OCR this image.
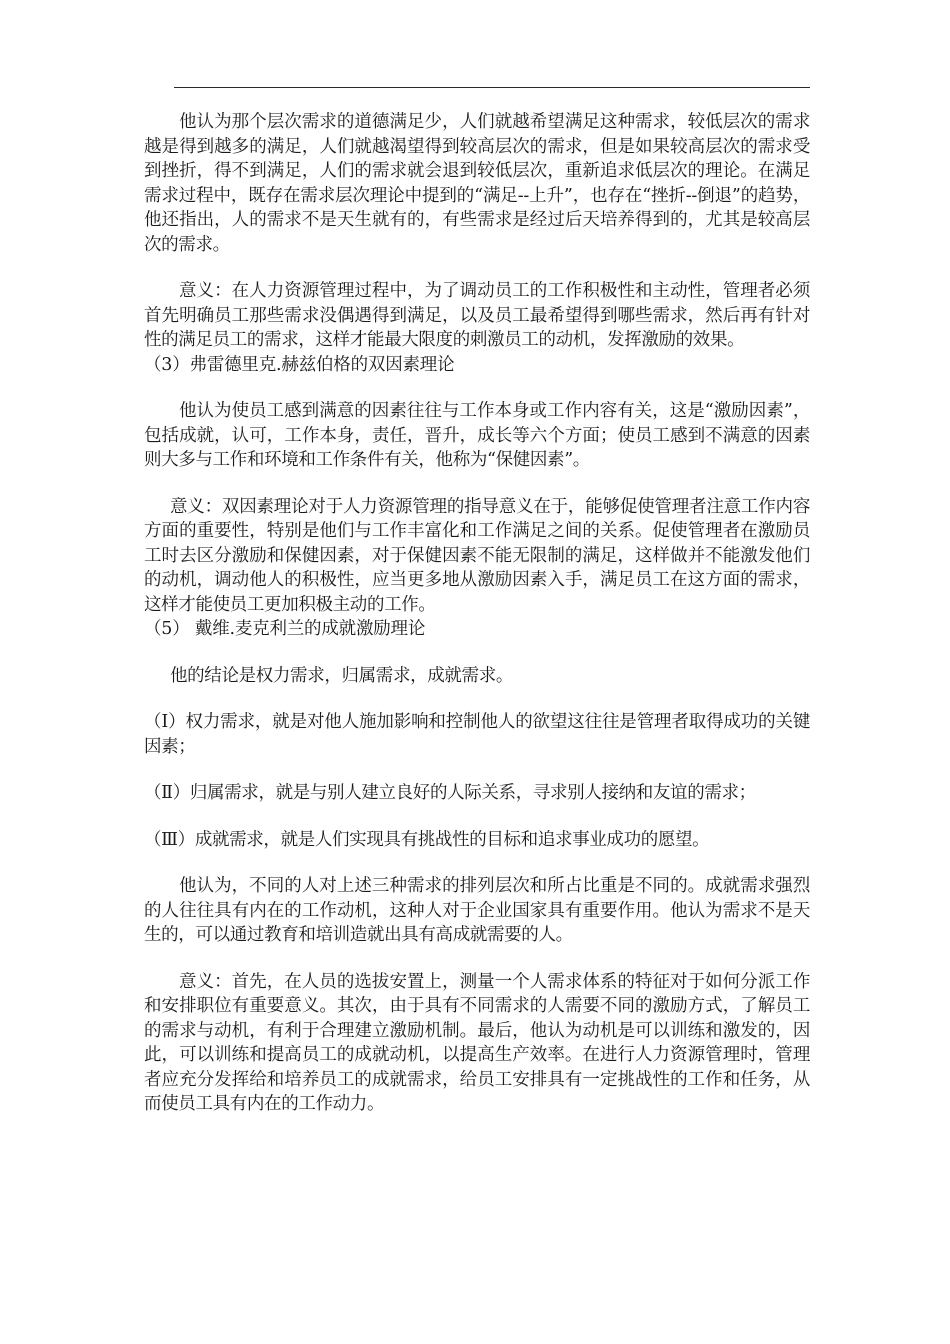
他认为那个层次需求的道德满足少，人们就越希望满足这种需求，较低层次的需求越是得到越多的满足，人们就越渴望得到较高层次的需求，但是如果较高层次的需求受到挫折，得不到满足，人们的需求就会退到较低层次，重新追求低层次的理论。在满足需求过程中，既存在需求层次理论中提到的“满足--上升”，也存在“挫折--倒退”的趋势，他还指出，人的需求不是天生就有的，有些需求是经过后天培养得到的，尤其是较高层次的需求。

意义：在人力资源管理过程中，为了调动员工的工作积极性和主动性，管理者必须首先明确员工那些需求没偶遇得到满足，以及员工最希望得到哪些需求，然后再有针对性的满足员工的需求，这样才能最大限度的刺激员工的动机，发挥激励的效果。

（3）弗雷德里克.赫兹伯格的双因素理论

他认为使员工感到满意的因素往往与工作本身或工作内容有关，这是“激励因素”，包括成就，认可，工作本身，责任，晋升，成长等六个方面；使员工感到不满意的因素则大多与工作和环境和工作条件有关，他称为“保健因素”。

意义：双因素理论对于人力资源管理的指导意义在于，能够促使管理者注意工作内容方面的重要性，特别是他们与工作丰富化和工作满足之间的关系。促使管理者在激励员工时去区分激励和保健因素，对于保健因素不能无限制的满足，这样做并不能激发他们的动机，调动他人的积极性，应当更多地从激励因素入手，满足员工在这方面的需求，这样才能使员工更加积极主动的工作。

（5） 戴维.麦克利兰的成就激励理论

他的结论是权力需求，归属需求，成就需求。

（Ⅰ）权力需求，就是对他人施加影响和控制他人的欲望这往往是管理者取得成功的关键因素；

（Ⅱ）归属需求，就是与别人建立良好的人际关系，寻求别人接纳和友谊的需求；

（Ⅲ）成就需求，就是人们实现具有挑战性的目标和追求事业成功的愿望。

他认为，不同的人对上述三种需求的排列层次和所占比重是不同的。成就需求强烈的人往往具有内在的工作动机，这种人对于企业国家具有重要作用。他认为需求不是天生的，可以通过教育和培训造就出具有高成就需要的人。

意义：首先，在人员的选拔安置上，测量一个人需求体系的特征对于如何分派工作和安排职位有重要意义。其次，由于具有不同需求的人需要不同的激励方式，了解员工的需求与动机，有利于合理建立激励机制。最后，他认为动机是可以训练和激发的，因此，可以训练和提高员工的成就动机，以提高生产效率。在进行人力资源管理时，管理者应充分发挥给和培养员工的成就需求，给员工安排具有一定挑战性的工作和任务，从而使员工具有内在的工作动力。
